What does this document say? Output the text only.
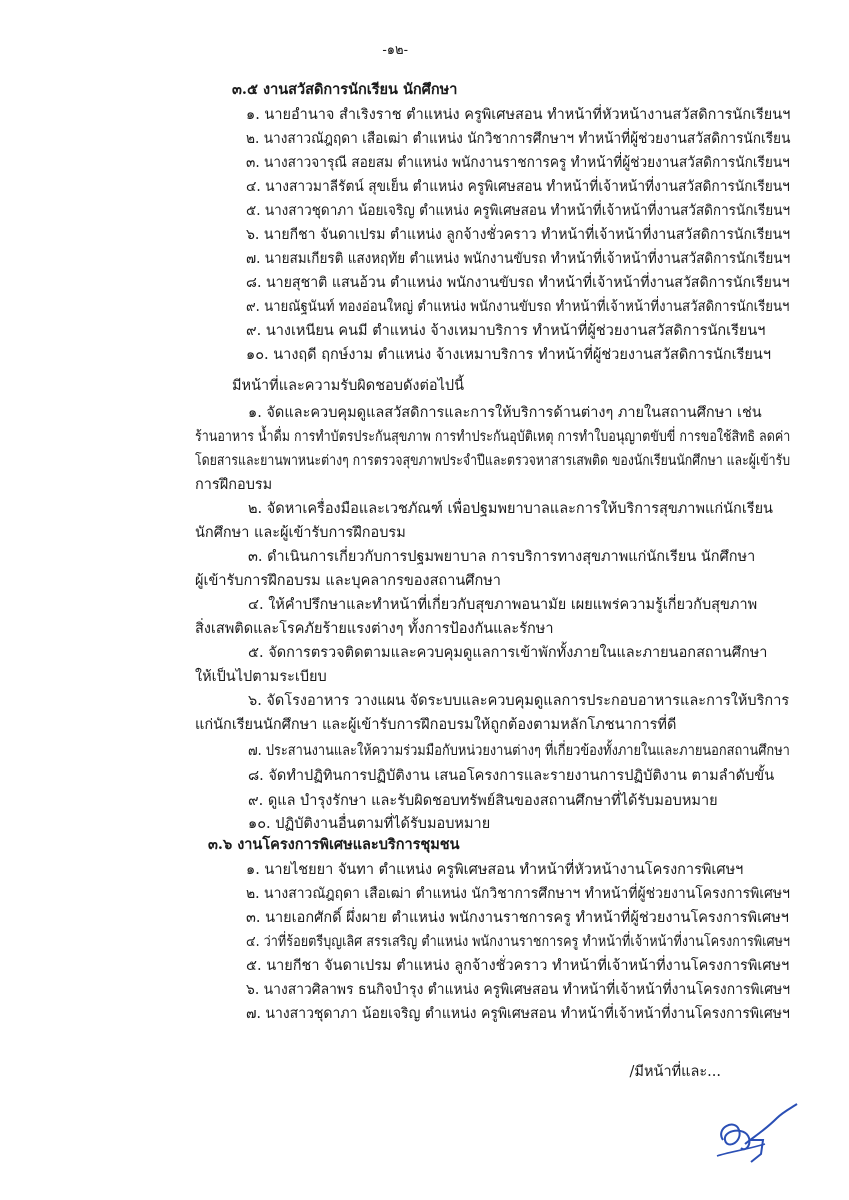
-๑๒-
๓.๕ งานสวัสดิการนักเรียน นักศึกษา
๑. นายอำนาจ สำเริงราช ตำแหน่ง ครูพิเศษสอน ทำหน้าที่หัวหน้างานสวัสดิการนักเรียนฯ
๒. นางสาวณัฎฤดา เสือเฒ่า ตำแหน่ง นักวิชาการศึกษาฯ ทำหน้าที่ผู้ช่วยงานสวัสดิการนักเรียน
๓. นางสาวจารุณี สอยสม ตำแหน่ง พนักงานราชการครู ทำหน้าที่ผู้ช่วยงานสวัสดิการนักเรียนฯ
๔. นางสาวมาลีรัตน์ สุขเย็น ตำแหน่ง ครูพิเศษสอน ทำหน้าที่เจ้าหน้าที่งานสวัสดิการนักเรียนฯ
๕. นางสาวชุดาภา น้อยเจริญ ตำแหน่ง ครูพิเศษสอน ทำหน้าที่เจ้าหน้าที่งานสวัสดิการนักเรียนฯ
๖. นายกีชา จันดาเปรม ตำแหน่ง ลูกจ้างชั่วคราว ทำหน้าที่เจ้าหน้าที่งานสวัสดิการนักเรียนฯ
๗. นายสมเกียรติ แสงหฤทัย ตำแหน่ง พนักงานขับรถ ทำหน้าที่เจ้าหน้าที่งานสวัสดิการนักเรียนฯ
๘. นายสุชาติ แสนอ้วน ตำแหน่ง พนักงานขับรถ ทำหน้าที่เจ้าหน้าที่งานสวัสดิการนักเรียนฯ
๙. นายณัฐนันท์ ทองอ่อนใหญ่ ตำแหน่ง พนักงานขับรถ ทำหน้าที่เจ้าหน้าที่งานสวัสดิการนักเรียนฯ
๙. นางเหนียน คนมี ตำแหน่ง จ้างเหมาบริการ ทำหน้าที่ผู้ช่วยงานสวัสดิการนักเรียนฯ
๑๐. นางฤดี ฤกษ์งาม ตำแหน่ง จ้างเหมาบริการ ทำหน้าที่ผู้ช่วยงานสวัสดิการนักเรียนฯ
มีหน้าที่และความรับผิดชอบดังต่อไปนี้
๑. จัดและควบคุมดูแลสวัสดิการและการให้บริการด้านต่างๆ ภายในสถานศึกษา เช่น
ร้านอาหาร น้ำดื่ม การทำบัตรประกันสุขภาพ การทำประกันอุบัติเหตุ การทำใบอนุญาตขับขี่ การขอใช้สิทธิ ลดค่า
โดยสารและยานพาหนะต่างๆ การตรวจสุขภาพประจำปีและตรวจหาสารเสพติด ของนักเรียนนักศึกษา และผู้เข้ารับ
การฝึกอบรม
๒. จัดหาเครื่องมือและเวชภัณฑ์ เพื่อปฐมพยาบาลและการให้บริการสุขภาพแก่นักเรียน
นักศึกษา และผู้เข้ารับการฝึกอบรม
๓. ดำเนินการเกี่ยวกับการปฐมพยาบาล การบริการทางสุขภาพแก่นักเรียน นักศึกษา
ผู้เข้ารับการฝึกอบรม และบุคลากรของสถานศึกษา
๔. ให้คำปรึกษาและทำหน้าที่เกี่ยวกับสุขภาพอนามัย เผยแพร่ความรู้เกี่ยวกับสุขภาพ
สิ่งเสพติดและโรคภัยร้ายแรงต่างๆ ทั้งการป้องกันและรักษา
๕. จัดการตรวจติดตามและควบคุมดูแลการเข้าพักทั้งภายในและภายนอกสถานศึกษา
ให้เป็นไปตามระเบียบ
๖. จัดโรงอาหาร วางแผน จัดระบบและควบคุมดูแลการประกอบอาหารและการให้บริการ
แก่นักเรียนนักศึกษา และผู้เข้ารับการฝึกอบรมให้ถูกต้องตามหลักโภชนาการที่ดี
๗. ประสานงานและให้ความร่วมมือกับหน่วยงานต่างๆ ที่เกี่ยวข้องทั้งภายในและภายนอกสถานศึกษา
๘. จัดทำปฏิทินการปฏิบัติงาน เสนอโครงการและรายงานการปฏิบัติงาน ตามลำดับขั้น
๙. ดูแล บำรุงรักษา และรับผิดชอบทรัพย์สินของสถานศึกษาที่ได้รับมอบหมาย
๑๐. ปฏิบัติงานอื่นตามที่ได้รับมอบหมาย
๓.๖ งานโครงการพิเศษและบริการชุมชน
๑. นายไชยยา จันทา ตำแหน่ง ครูพิเศษสอน ทำหน้าที่หัวหน้างานโครงการพิเศษฯ
๒. นางสาวณัฎฤดา เสือเฒ่า ตำแหน่ง นักวิชาการศึกษาฯ ทำหน้าที่ผู้ช่วยงานโครงการพิเศษฯ
๓. นายเอกศักดิ์ ผึ่งผาย ตำแหน่ง พนักงานราชการครู ทำหน้าที่ผู้ช่วยงานโครงการพิเศษฯ
๔. ว่าที่ร้อยตรีบุญเลิศ สรรเสริญ ตำแหน่ง พนักงานราชการครู ทำหน้าที่เจ้าหน้าที่งานโครงการพิเศษฯ
๕. นายกีชา จันดาเปรม ตำแหน่ง ลูกจ้างชั่วคราว ทำหน้าที่เจ้าหน้าที่งานโครงการพิเศษฯ
๖. นางสาวศิลาพร ธนกิจบำรุง ตำแหน่ง ครูพิเศษสอน ทำหน้าที่เจ้าหน้าที่งานโครงการพิเศษฯ
๗. นางสาวชุดาภา น้อยเจริญ ตำแหน่ง ครูพิเศษสอน ทำหน้าที่เจ้าหน้าที่งานโครงการพิเศษฯ
/มีหน้าที่และ...
